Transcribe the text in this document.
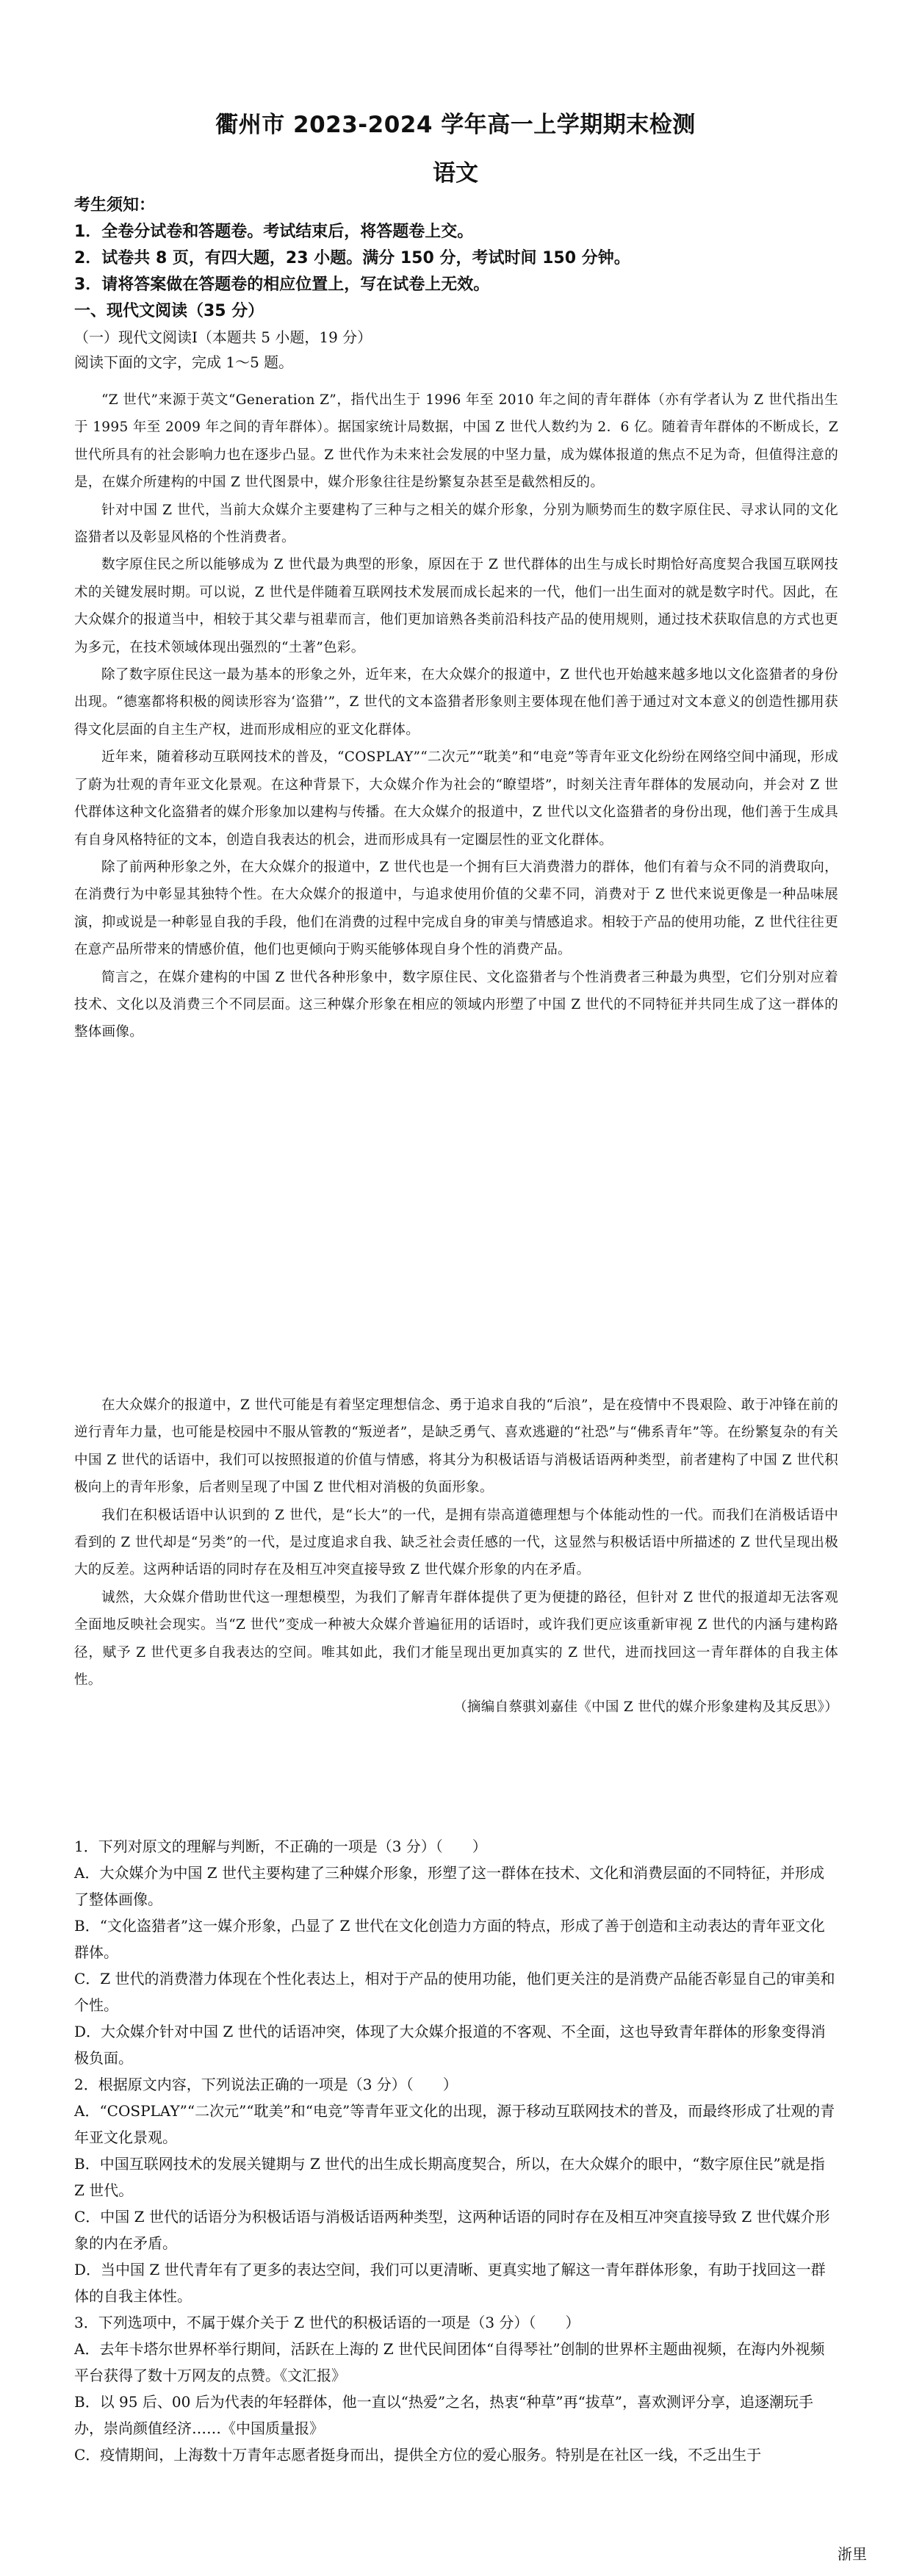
衢州市 2023-2024 学年高一上学期期末检测
语文
考生须知：
1．全卷分试卷和答题卷。考试结束后，将答题卷上交。
2．试卷共 8 页，有四大题，23 小题。满分 150 分，考试时间 150 分钟。
3．请将答案做在答题卷的相应位置上，写在试卷上无效。
一、现代文阅读（35 分）
（一）现代文阅读Ⅰ（本题共 5 小题，19 分）
阅读下面的文字，完成 1～5 题。

“Z 世代”来源于英文“Generation Z”，指代出生于 1996 年至 2010 年之间的青年群体（亦有学者认为 Z 世代指出生于 1995 年至 2009 年之间的青年群体）。据国家统计局数据，中国 Z 世代人数约为 2．6 亿。随着青年群体的不断成长，Z 世代所具有的社会影响力也在逐步凸显。Z 世代作为未来社会发展的中坚力量，成为媒体报道的焦点不足为奇，但值得注意的是，在媒介所建构的中国 Z 世代图景中，媒介形象往往是纷繁复杂甚至是截然相反的。

针对中国 Z 世代，当前大众媒介主要建构了三种与之相关的媒介形象，分别为顺势而生的数字原住民、寻求认同的文化盗猎者以及彰显风格的个性消费者。

数字原住民之所以能够成为 Z 世代最为典型的形象，原因在于 Z 世代群体的出生与成长时期恰好高度契合我国互联网技术的关键发展时期。可以说，Z 世代是伴随着互联网技术发展而成长起来的一代，他们一出生面对的就是数字时代。因此，在大众媒介的报道当中，相较于其父辈与祖辈而言，他们更加谙熟各类前沿科技产品的使用规则，通过技术获取信息的方式也更为多元，在技术领域体现出强烈的“土著”色彩。

除了数字原住民这一最为基本的形象之外，近年来，在大众媒介的报道中，Z 世代也开始越来越多地以文化盗猎者的身份出现。“德塞都将积极的阅读形容为‘盗猎’”，Z 世代的文本盗猎者形象则主要体现在他们善于通过对文本意义的创造性挪用获得文化层面的自主生产权，进而形成相应的亚文化群体。

近年来，随着移动互联网技术的普及，“COSPLAY”“二次元”“耽美”和“电竞”等青年亚文化纷纷在网络空间中涌现，形成了蔚为壮观的青年亚文化景观。在这种背景下，大众媒介作为社会的“瞭望塔”，时刻关注青年群体的发展动向，并会对 Z 世代群体这种文化盗猎者的媒介形象加以建构与传播。在大众媒介的报道中，Z 世代以文化盗猎者的身份出现，他们善于生成具有自身风格特征的文本，创造自我表达的机会，进而形成具有一定圈层性的亚文化群体。

除了前两种形象之外，在大众媒介的报道中，Z 世代也是一个拥有巨大消费潜力的群体，他们有着与众不同的消费取向，在消费行为中彰显其独特个性。在大众媒介的报道中，与追求使用价值的父辈不同，消费对于 Z 世代来说更像是一种品味展演，抑或说是一种彰显自我的手段，他们在消费的过程中完成自身的审美与情感追求。相较于产品的使用功能，Z 世代往往更在意产品所带来的情感价值，他们也更倾向于购买能够体现自身个性的消费产品。

简言之，在媒介建构的中国 Z 世代各种形象中，数字原住民、文化盗猎者与个性消费者三种最为典型，它们分别对应着技术、文化以及消费三个不同层面。这三种媒介形象在相应的领域内形塑了中国 Z 世代的不同特征并共同生成了这一群体的整体画像。

在大众媒介的报道中，Z 世代可能是有着坚定理想信念、勇于追求自我的“后浪”，是在疫情中不畏艰险、敢于冲锋在前的逆行青年力量，也可能是校园中不服从管教的“叛逆者”，是缺乏勇气、喜欢逃避的“社恐”与“佛系青年”等。在纷繁复杂的有关中国 Z 世代的话语中，我们可以按照报道的价值与情感，将其分为积极话语与消极话语两种类型，前者建构了中国 Z 世代积极向上的青年形象，后者则呈现了中国 Z 世代相对消极的负面形象。

我们在积极话语中认识到的 Z 世代，是“长大”的一代，是拥有崇高道德理想与个体能动性的一代。而我们在消极话语中看到的 Z 世代却是“另类”的一代，是过度追求自我、缺乏社会责任感的一代，这显然与积极话语中所描述的 Z 世代呈现出极大的反差。这两种话语的同时存在及相互冲突直接导致 Z 世代媒介形象的内在矛盾。

诚然，大众媒介借助世代这一理想模型，为我们了解青年群体提供了更为便捷的路径，但针对 Z 世代的报道却无法客观全面地反映社会现实。当“Z 世代”变成一种被大众媒介普遍征用的话语时，或许我们更应该重新审视 Z 世代的内涵与建构路径，赋予 Z 世代更多自我表达的空间。唯其如此，我们才能呈现出更加真实的 Z 世代，进而找回这一青年群体的自我主体性。

（摘编自蔡骐刘嘉佳《中国 Z 世代的媒介形象建构及其反思》）

1．下列对原文的理解与判断，不正确的一项是（3 分）（　　）

A．大众媒介为中国 Z 世代主要构建了三种媒介形象，形塑了这一群体在技术、文化和消费层面的不同特征，并形成了整体画像。

B．“文化盗猎者”这一媒介形象，凸显了 Z 世代在文化创造力方面的特点，形成了善于创造和主动表达的青年亚文化群体。

C．Z 世代的消费潜力体现在个性化表达上，相对于产品的使用功能，他们更关注的是消费产品能否彰显自己的审美和个性。

D．大众媒介针对中国 Z 世代的话语冲突，体现了大众媒介报道的不客观、不全面，这也导致青年群体的形象变得消极负面。

2．根据原文内容，下列说法正确的一项是（3 分）（　　）

A．“COSPLAY”“二次元”“耽美”和“电竞”等青年亚文化的出现，源于移动互联网技术的普及，而最终形成了壮观的青年亚文化景观。

B．中国互联网技术的发展关键期与 Z 世代的出生成长期高度契合，所以，在大众媒介的眼中，“数字原住民”就是指 Z 世代。

C．中国 Z 世代的话语分为积极话语与消极话语两种类型，这两种话语的同时存在及相互冲突直接导致 Z 世代媒介形象的内在矛盾。

D．当中国 Z 世代青年有了更多的表达空间，我们可以更清晰、更真实地了解这一青年群体形象，有助于找回这一群体的自我主体性。

3．下列选项中，不属于媒介关于 Z 世代的积极话语的一项是（3 分）（　　）

A．去年卡塔尔世界杯举行期间，活跃在上海的 Z 世代民间团体“自得琴社”创制的世界杯主题曲视频，在海内外视频平台获得了数十万网友的点赞。《文汇报》

B．以 95 后、00 后为代表的年轻群体，他一直以“热爱”之名，热衷“种草”再“拔草”，喜欢测评分享，追逐潮玩手办，崇尚颜值经济……《中国质量报》

C．疫情期间，上海数十万青年志愿者挺身而出，提供全方位的爱心服务。特别是在社区一线，不乏出生于

浙里
